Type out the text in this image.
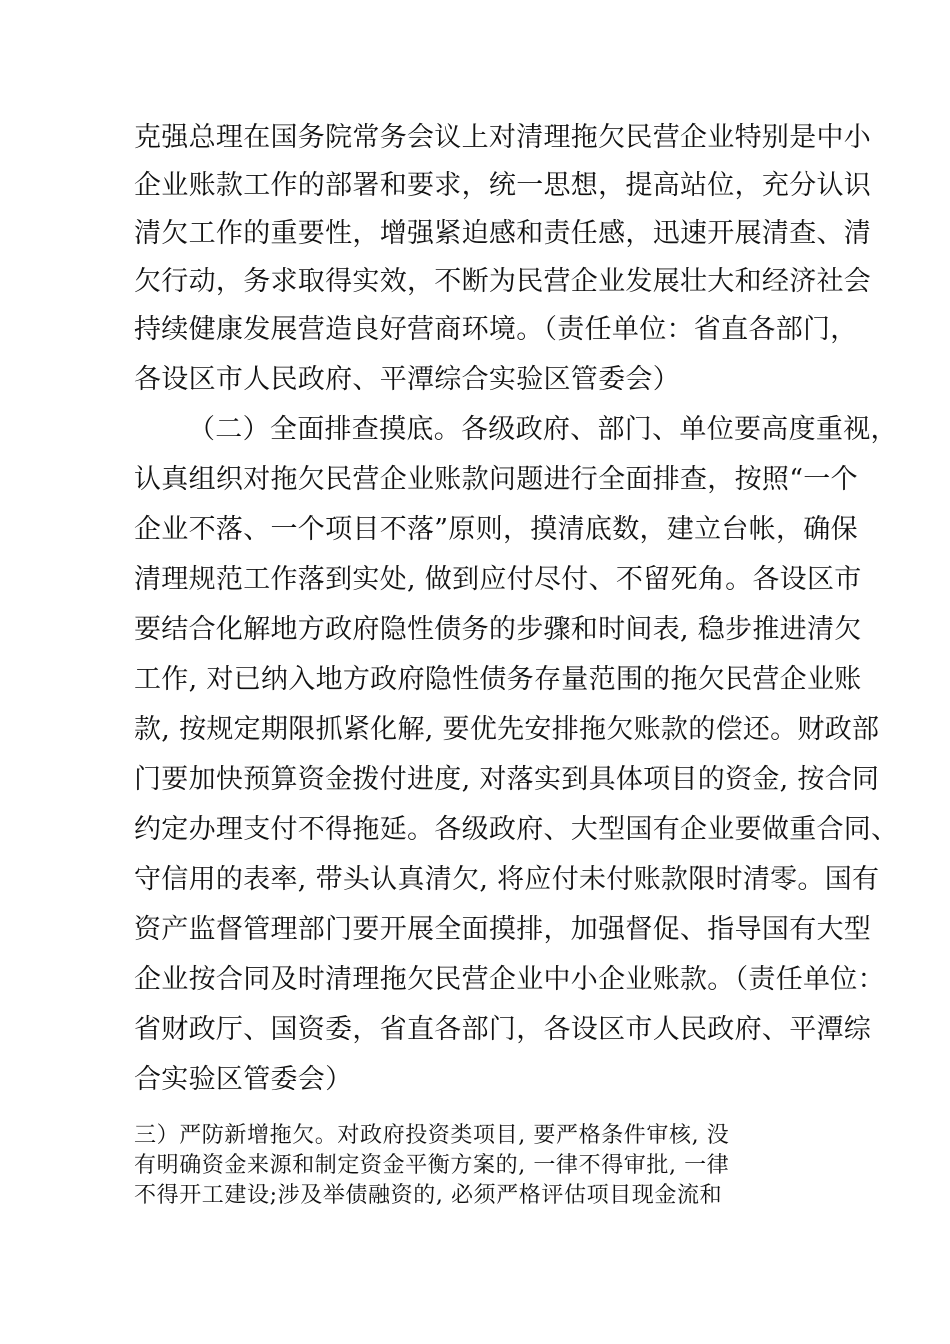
克强总理在国务院常务会议上对清理拖欠民营企业特别是中小
企业账款工作的部署和要求，统一思想，提高站位，充分认识
清欠工作的重要性，增强紧迫感和责任感，迅速开展清查、清
欠行动，务求取得实效，不断为民营企业发展壮大和经济社会
持续健康发展营造良好营商环境。（责任单位：省直各部门，
各设区市人民政府、平潭综合实验区管委会）
（二）全面排查摸底。各级政府、部门、单位要高度重视，
认真组织对拖欠民营企业账款问题进行全面排查，按照“一个
企业不落、一个项目不落”原则，摸清底数，建立台帐，确保
清理规范工作落到实处, 做到应付尽付、不留死角。各设区市
要结合化解地方政府隐性债务的步骤和时间表, 稳步推进清欠
工作, 对已纳入地方政府隐性债务存量范围的拖欠民营企业账
款, 按规定期限抓紧化解, 要优先安排拖欠账款的偿还。财政部
门要加快预算资金拨付进度, 对落实到具体项目的资金, 按合同
约定办理支付不得拖延。各级政府、大型国有企业要做重合同、
守信用的表率, 带头认真清欠, 将应付未付账款限时清零。国有
资产监督管理部门要开展全面摸排，加强督促、指导国有大型
企业按合同及时清理拖欠民营企业中小企业账款。（责任单位：
省财政厅、国资委，省直各部门，各设区市人民政府、平潭综
合实验区管委会）
三）严防新增拖欠。对政府投资类项目, 要严格条件审核, 没
有明确资金来源和制定资金平衡方案的, 一律不得审批, 一律
不得开工建设;涉及举债融资的, 必须严格评估项目现金流和
